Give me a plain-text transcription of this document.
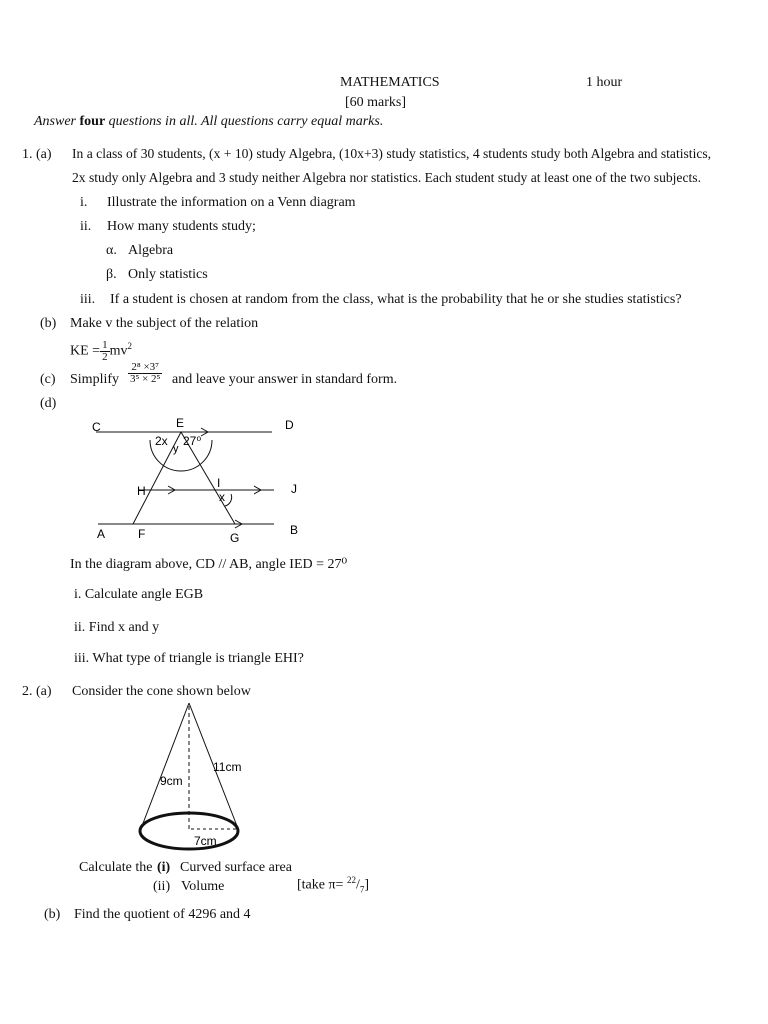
MATHEMATICS	1 hour
[60 marks]
Answer four questions in all. All questions carry equal marks.
1. (a) In a class of 30 students, (x + 10) study Algebra, (10x+3) study statistics, 4 students study both Algebra and statistics,
2x study only Algebra and 3 study neither Algebra nor statistics. Each student study at least one of the two subjects.
i. Illustrate the information on a Venn diagram
ii. How many students study;
α. Algebra
β. Only statistics
iii. If a student is chosen at random from the class, what is the probability that he or she studies statistics?
(b) Make v the subject of the relation
KE = $\frac{1}{2} mv^2$
(c) Simplify $\frac{\text{2⁸ ×3⁷}}{\text{3⁵ × 2⁵}}$ and leave your answer in standard form.
(d)
C	E	D
2x
y
27⁰
H
I	J
x
A	F	G
B
In the diagram above, CD // AB, angle IED = 27⁰
i. Calculate angle EGB
ii. Find x and y
iii. What type of triangle is triangle EHI?
2. (a) Consider the cone shown below
11cm
9cm
7cm
Calculate the (i) Curved surface area
(ii) Volume	[take $\pi= ^{22}/_7$]
(b) Find the quotient of 4296 and 4
